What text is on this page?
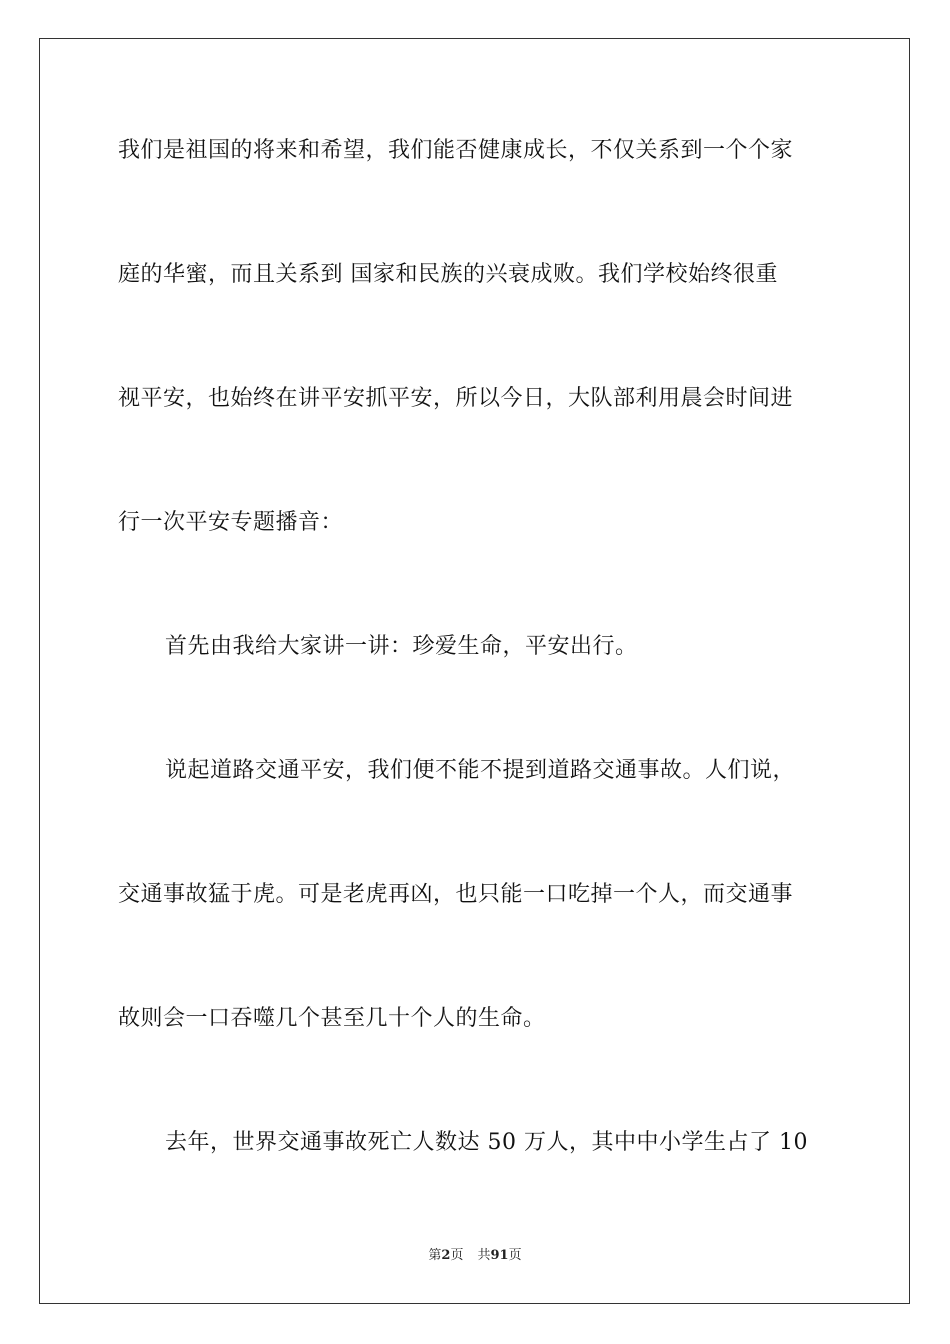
我们是祖国的将来和希望，我们能否健康成长，不仅关系到一个个家
庭的华蜜，而且关系到 国家和民族的兴衰成败。我们学校始终很重
视平安，也始终在讲平安抓平安，所以今日，大队部利用晨会时间进
行一次平安专题播音：
首先由我给大家讲一讲：珍爱生命，平安出行。
说起道路交通平安，我们便不能不提到道路交通事故。人们说，
交通事故猛于虎。可是老虎再凶，也只能一口吃掉一个人，而交通事
故则会一口吞噬几个甚至几十个人的生命。
去年，世界交通事故死亡人数达 50 万人，其中中小学生占了 10
第2页 共91页
